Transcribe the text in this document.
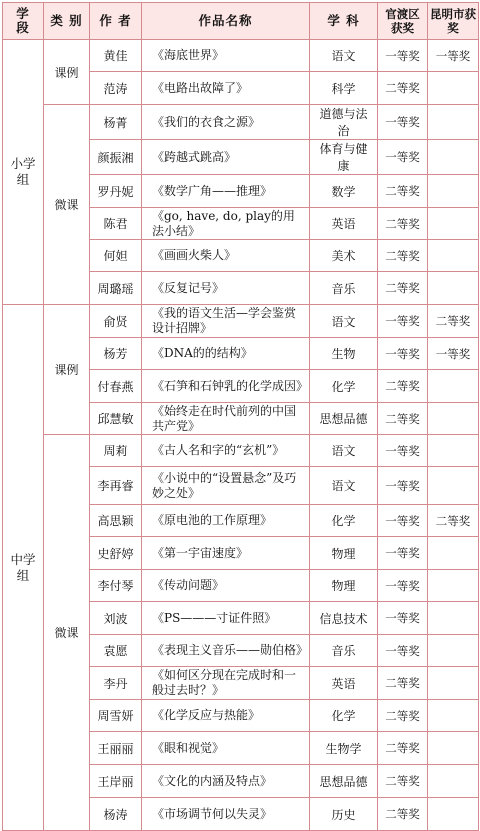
学 段	类 别	作 者	作品名称	学 科	官渡区获奖	昆明市获奖
小学组	课例	黄佳	《海底世界》	语文	一等奖	一等奖
		范涛	《电路出故障了》	科学	二等奖	
	微课	杨菁	《我们的衣食之源》	道德与法治	一等奖	
		颜振湘	《跨越式跳高》	体育与健康	一等奖	
		罗丹妮	《数学广角——推理》	数学	二等奖	
		陈君	《go, have, do, play的用法小结》	英语	二等奖	
		何妲	《画画火柴人》	美术	二等奖	
		周璐瑶	《反复记号》	音乐	二等奖	
中学组	课例	俞贤	《我的语文生活—学会鉴赏设计招牌》	语文	一等奖	二等奖
		杨芳	《DNA的的结构》	生物	一等奖	一等奖
		付春燕	《石笋和石钟乳的化学成因》	化学	二等奖	
		邱慧敏	《始终走在时代前列的中国共产党》	思想品德	二等奖	
	微课	周莉	《古人名和字的“玄机”》	语文	一等奖	
		李再睿	《小说中的“设置悬念”及巧妙之处》	语文	一等奖	
		高思颖	《原电池的工作原理》	化学	一等奖	二等奖
		史舒婷	《第一宇宙速度》	物理	一等奖	
		李付琴	《传动问题》	物理	一等奖	
		刘波	《PS———寸证件照》	信息技术	一等奖	
		袁愿	《表现主义音乐——勋伯格》	音乐	一等奖	
		李丹	《如何区分现在完成时和一般过去时？》	英语	二等奖	
		周雪妍	《化学反应与热能》	化学	二等奖	
		王丽丽	《眼和视觉》	生物学	二等奖	
		王岸丽	《文化的内涵及特点》	思想品德	二等奖	
		杨涛	《市场调节何以失灵》	历史	二等奖	
